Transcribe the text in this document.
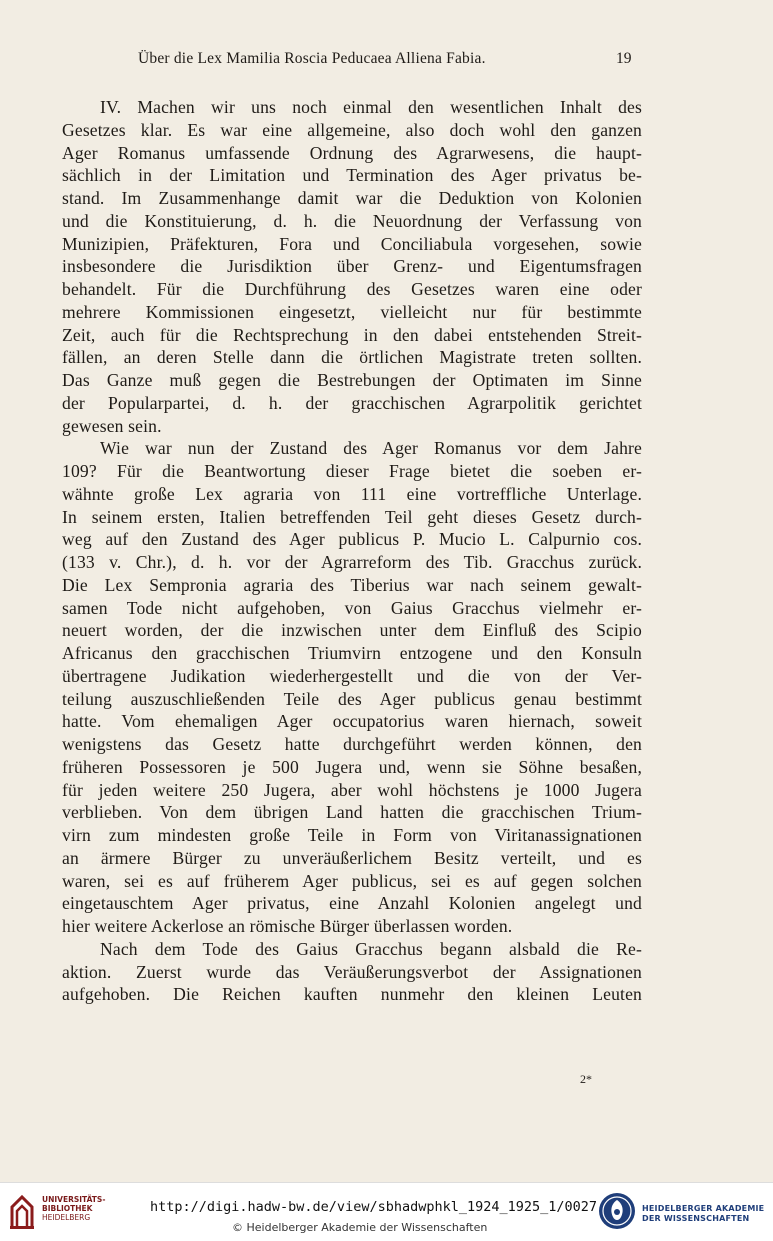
Über die Lex Mamilia Roscia Peducaea Alliena Fabia.	19
IV. Machen wir uns noch einmal den wesentlichen Inhalt des
Gesetzes klar. Es war eine allgemeine, also doch wohl den ganzen
Ager Romanus umfassende Ordnung des Agrarwesens, die haupt-
sächlich in der Limitation und Termination des Ager privatus be-
stand. Im Zusammenhange damit war die Deduktion von Kolonien
und die Konstituierung, d. h. die Neuordnung der Verfassung von
Munizipien, Präfekturen, Fora und Conciliabula vorgesehen, sowie
insbesondere die Jurisdiktion über Grenz- und Eigentumsfragen
behandelt. Für die Durchführung des Gesetzes waren eine oder
mehrere Kommissionen eingesetzt, vielleicht nur für bestimmte
Zeit, auch für die Rechtsprechung in den dabei entstehenden Streit-
fällen, an deren Stelle dann die örtlichen Magistrate treten sollten.
Das Ganze muß gegen die Bestrebungen der Optimaten im Sinne
der Popularpartei, d. h. der gracchischen Agrarpolitik gerichtet
gewesen sein.
Wie war nun der Zustand des Ager Romanus vor dem Jahre
109? Für die Beantwortung dieser Frage bietet die soeben er-
wähnte große Lex agraria von 111 eine vortreffliche Unterlage.
In seinem ersten, Italien betreffenden Teil geht dieses Gesetz durch-
weg auf den Zustand des Ager publicus P. Mucio L. Calpurnio cos.
(133 v. Chr.), d. h. vor der Agrarreform des Tib. Gracchus zurück.
Die Lex Sempronia agraria des Tiberius war nach seinem gewalt-
samen Tode nicht aufgehoben, von Gaius Gracchus vielmehr er-
neuert worden, der die inzwischen unter dem Einfluß des Scipio
Africanus den gracchischen Triumvirn entzogene und den Konsuln
übertragene Judikation wiederhergestellt und die von der Ver-
teilung auszuschließenden Teile des Ager publicus genau bestimmt
hatte. Vom ehemaligen Ager occupatorius waren hiernach, soweit
wenigstens das Gesetz hatte durchgeführt werden können, den
früheren Possessoren je 500 Jugera und, wenn sie Söhne besaßen,
für jeden weitere 250 Jugera, aber wohl höchstens je 1000 Jugera
verblieben. Von dem übrigen Land hatten die gracchischen Trium-
virn zum mindesten große Teile in Form von Viritanassignationen
an ärmere Bürger zu unveräußerlichem Besitz verteilt, und es
waren, sei es auf früherem Ager publicus, sei es auf gegen solchen
eingetauschtem Ager privatus, eine Anzahl Kolonien angelegt und
hier weitere Ackerlose an römische Bürger überlassen worden.
Nach dem Tode des Gaius Gracchus begann alsbald die Re-
aktion. Zuerst wurde das Veräußerungsverbot der Assignationen
aufgehoben. Die Reichen kauften nunmehr den kleinen Leuten
2*
UNIVERSITÄTS-
BIBLIOTHEK
HEIDELBERG
http://digi.hadw-bw.de/view/sbhadwphkl_1924_1925_1/0027
© Heidelberger Akademie der Wissenschaften
HEIDELBERGER AKADEMIE
DER WISSENSCHAFTEN
